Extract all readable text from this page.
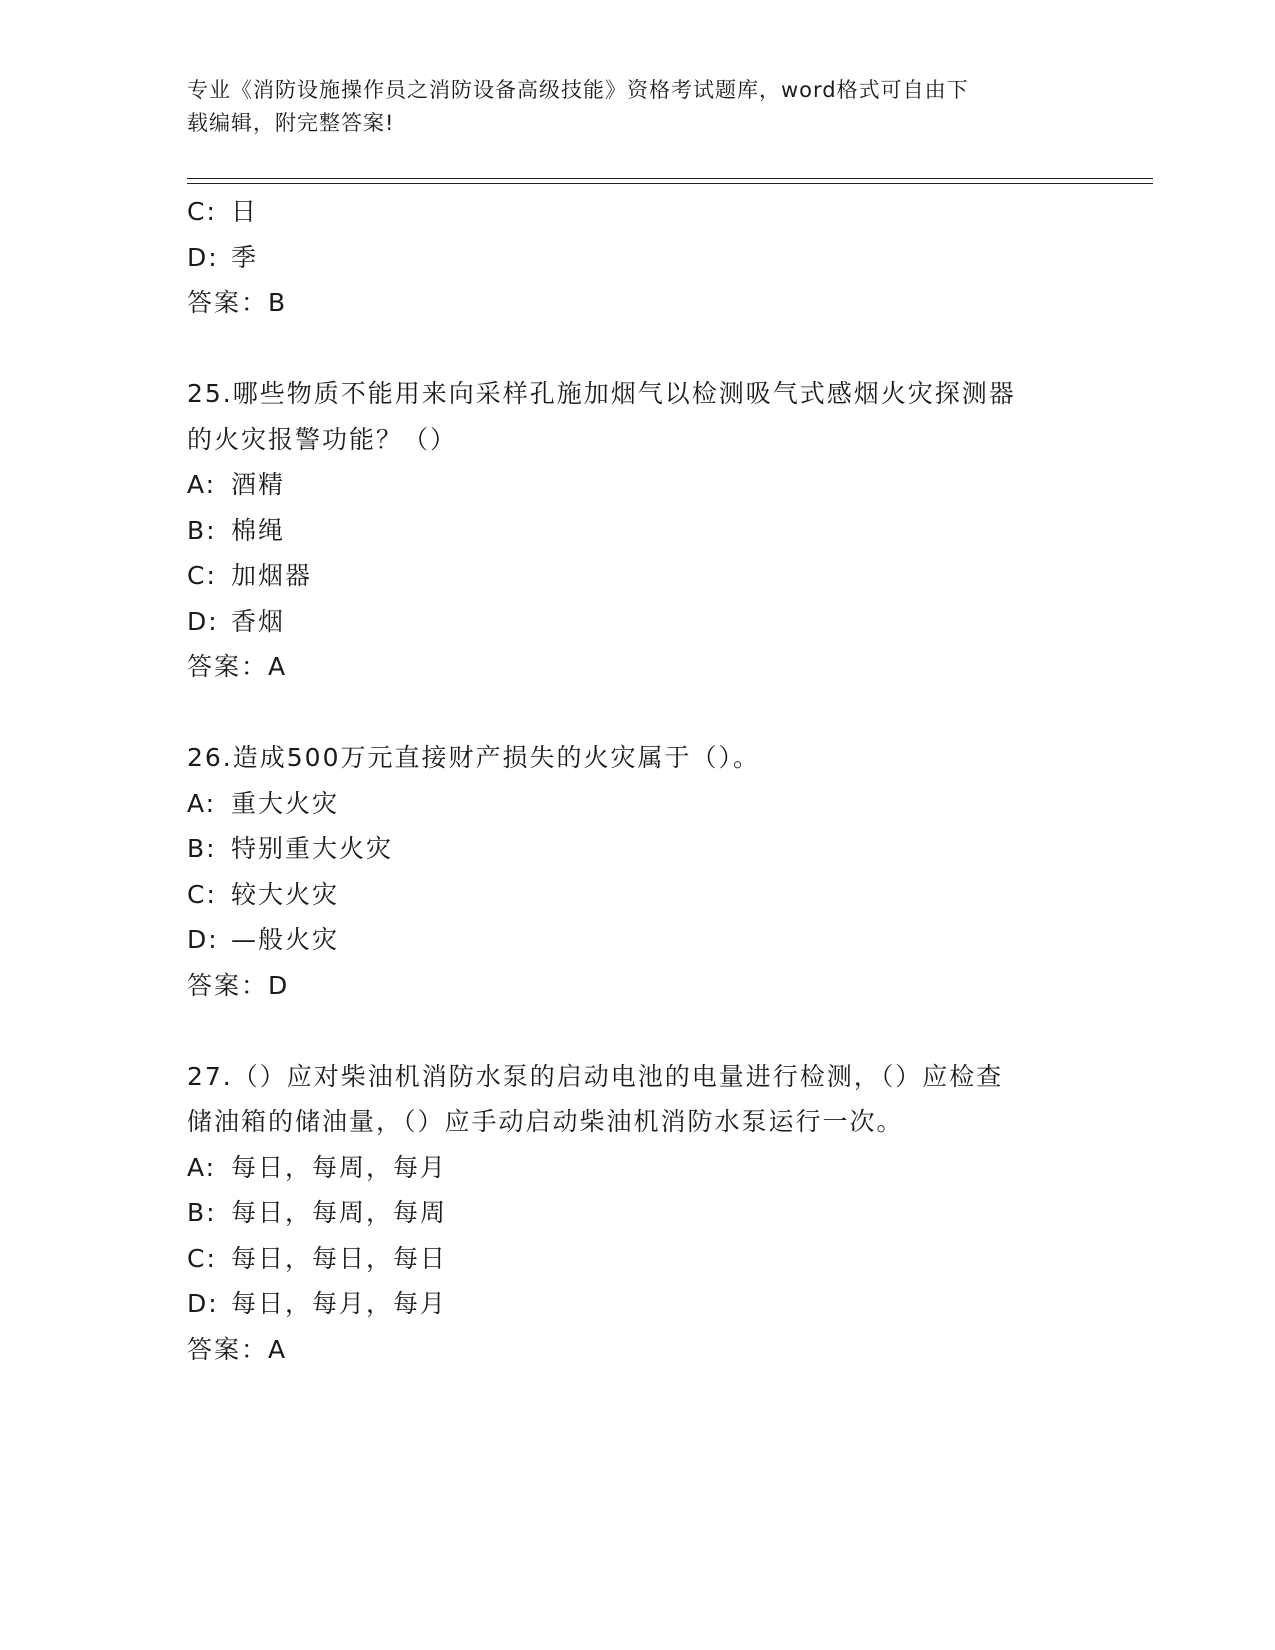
专业《消防设施操作员之消防设备高级技能》资格考试题库，word格式可自由下
载编辑，附完整答案!
C: 日
D: 季
答案：B
25.哪些物质不能用来向采样孔施加烟气以检测吸气式感烟火灾探测器
的火灾报警功能？（）
A: 酒精
B: 棉绳
C: 加烟器
D: 香烟
答案：A
26.造成500万元直接财产损失的火灾属于（）。
A: 重大火灾
B: 特别重大火灾
C: 较大火灾
D: —般火灾
答案：D
27.（）应对柴油机消防水泵的启动电池的电量进行检测，（）应检查
储油箱的储油量，（）应手动启动柴油机消防水泵运行一次。
A: 每日，每周，每月
B: 每日，每周，每周
C: 每日，每日，每日
D: 每日，每月，每月
答案：A
